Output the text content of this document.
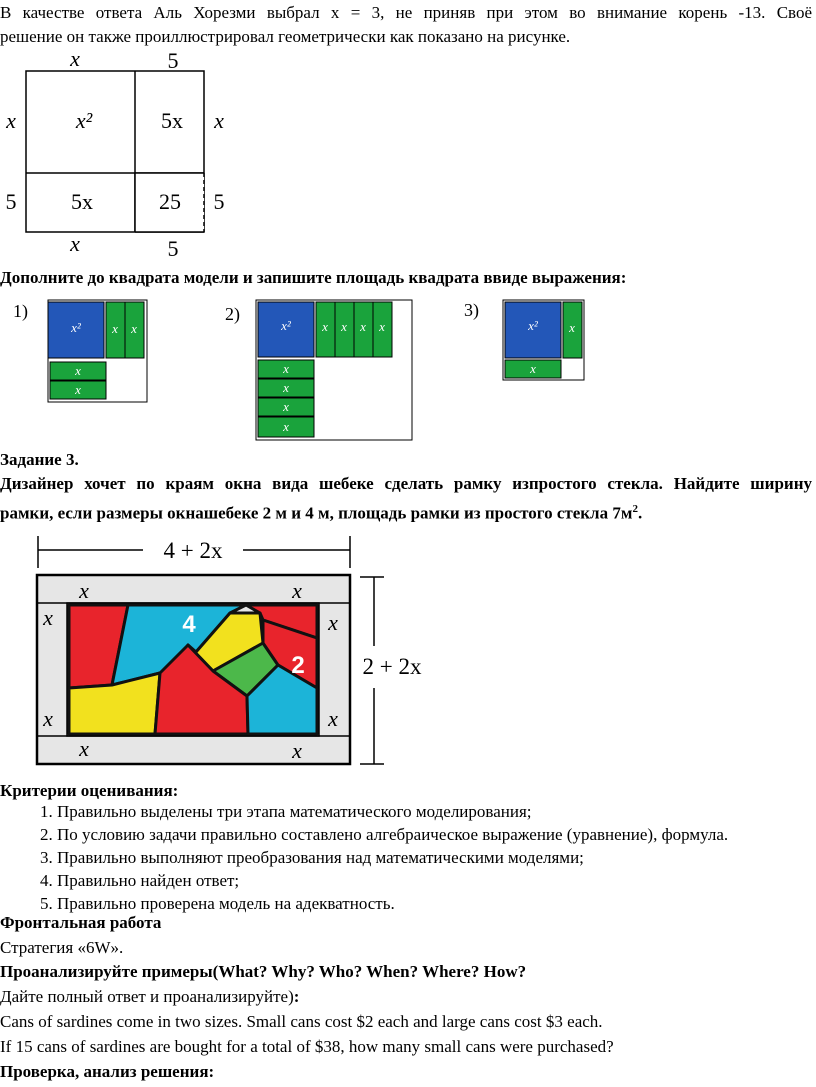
В качестве ответа Аль Хорезми выбрал x = 3, не приняв при этом во внимание корень -13. Своё
решение он также проиллюстрировал геометрически как показано на рисунке.
x	5
x
5
x
5
x	5
x²	5x
5x	25
Дополните до квадрата модели и запишите площадь квадрата ввиде выражения:
1)
x² x x
x
x
2)
x² x x x x
x
x
x
x
3)
x² x
x
Задание 3.
Дизайнер хочет по краям окна вида шебеке сделать рамку изпростого стекла. Найдите ширину
рамки, если размеры окнашебеке 2 м и 4 м, площадь рамки из простого стекла $7м^2$.
4 + 2x
2 + 2x
4
2
x	x
x	x
x	x
x	x
Критерии оценивания:
1. Правильно выделены три этапа математического моделирования;
2. По условию задачи правильно составлено алгебраическое выражение (уравнение), формула.
3. Правильно выполняют преобразования над математическими моделями;
4. Правильно найден ответ;
5. Правильно проверена модель на адекватность.
Фронтальная работа
Стратегия «6W».
Проанализируйте примеры(What? Why? Who? When? Where? How?
Дайте полный ответ и проанализируйте):
Cans of sardines come in two sizes. Small cans cost $2 each and large cans cost $3 each.
If 15 cans of sardines are bought for a total of $38, how many small cans were purchased?
Проверка, анализ решения:
